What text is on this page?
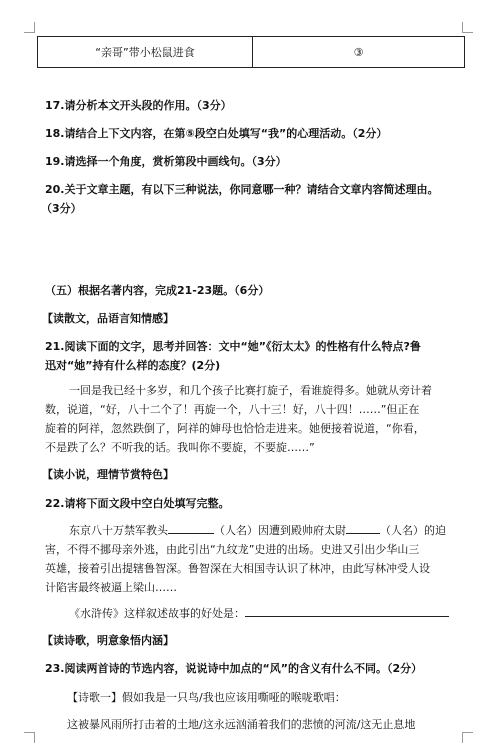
“亲哥”带小松鼠进食	③
17.请分析本文开头段的作用。（3分）
18.请结合上下文内容，在第⑤段空白处填写“我”的心理活动。（2分）
19.请选择一个角度，赏析第段中画线句。（3分）
20.关于文章主题，有以下三种说法，你同意哪一种？请结合文章内容简述理由。
（3分）
（五）根据名著内容，完成21-23题。（6分）
【读散文，品语言知情感】
21.阅读下面的文字，思考并回答：文中“她”《衍太太》的性格有什么特点?鲁
迅对“她”持有什么样的态度？(2分)
一回是我已经十多岁，和几个孩子比赛打旋子，看谁旋得多。她就从旁计着
数，说道，“好，八十二个了！再旋一个，八十三！好，八十四！……”但正在
旋着的阿祥，忽然跌倒了，阿祥的婶母也恰恰走进来。她便接着说道，“你看，
不是跌了么？不听我的话。我叫你不要旋，不要旋……”
【读小说，理情节赏特色】
22.请将下面文段中空白处填写完整。
东京八十万禁军教头	（人名）因遭到殿帅府太尉	（人名）的迫
害，不得不挪母亲外逃，由此引出“九纹龙”史进的出场。史进又引出少华山三
英雄，接着引出提辖鲁智深。鲁智深在大相国寺认识了林冲，由此写林冲受人设
计陷害最终被逼上梁山……
《水浒传》这样叙述故事的好处是：
【读诗歌，明意象悟内涵】
23.阅读两首诗的节选内容，说说诗中加点的“风”的含义有什么不同。（2分）
【诗歌一】假如我是一只鸟/我也应该用嘶哑的喉咙歌唱：
这被暴风雨所打击着的土地/这永远汹涌着我们的悲愤的河流/这无止息地
